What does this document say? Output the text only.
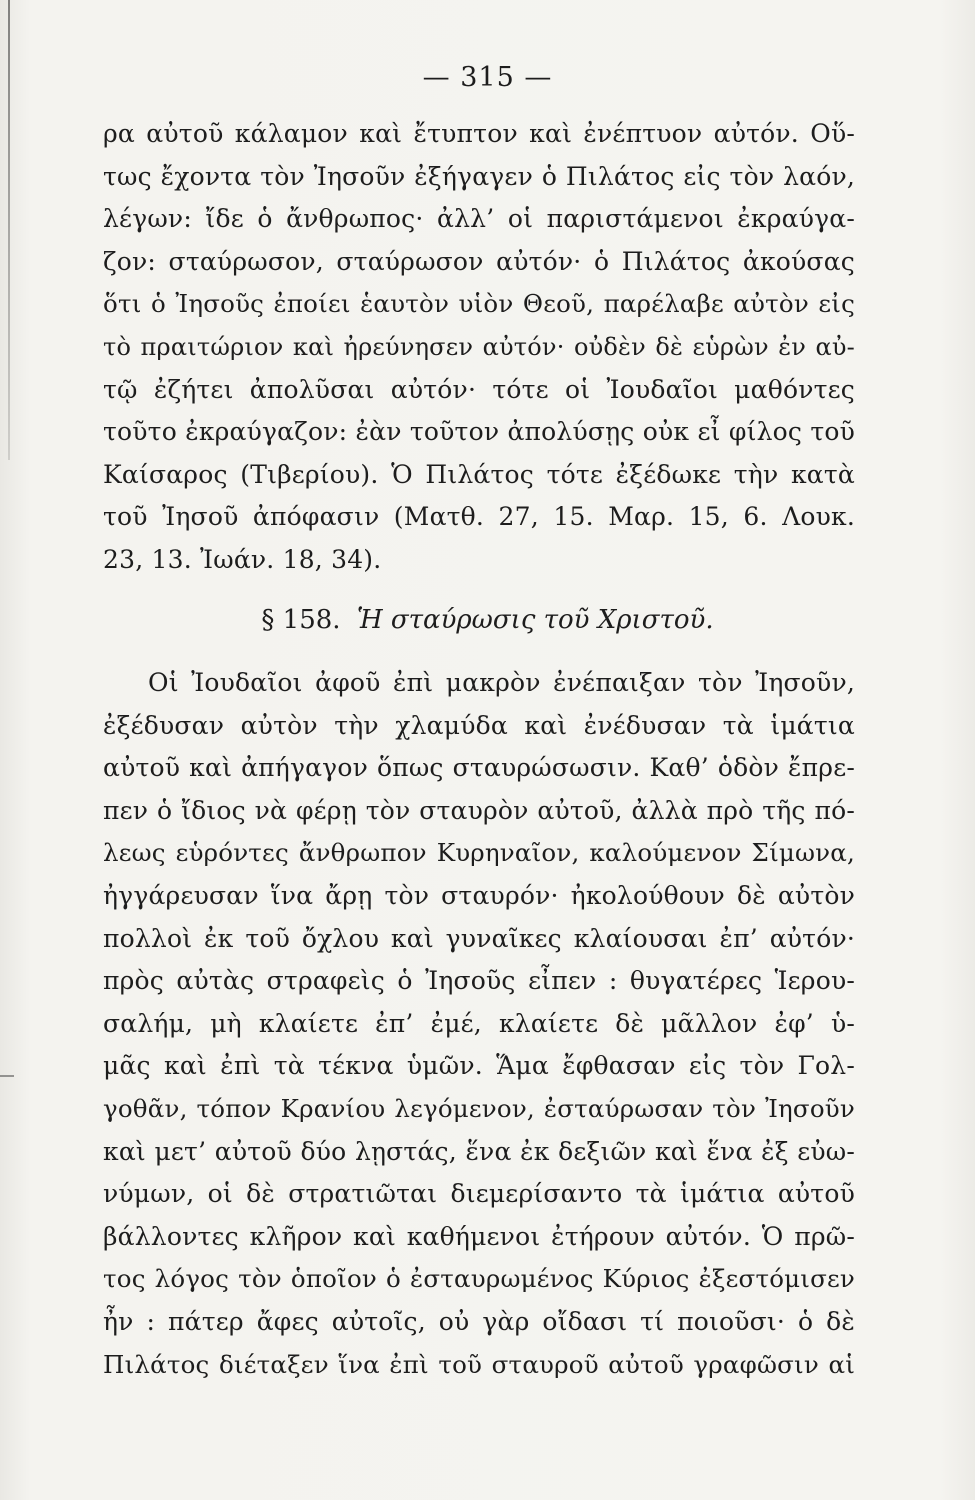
— 315 —
ρα αὐτοῦ κάλαμον καὶ ἔτυπτον καὶ ἐνέπτυον αὐτόν. Οὕ-
τως ἔχοντα τὸν Ἰησοῦν ἐξήγαγεν ὁ Πιλάτος εἰς τὸν λαόν,
λέγων: ἴδε ὁ ἄνθρωπος· ἀλλ’ οἱ παριστάμενοι ἐκραύγα-
ζον: σταύρωσον, σταύρωσον αὐτόν· ὁ Πιλάτος ἀκούσας
ὅτι ὁ Ἰησοῦς ἐποίει ἑαυτὸν υἱὸν Θεοῦ, παρέλαβε αὐτὸν εἰς
τὸ πραιτώριον καὶ ἠρεύνησεν αὐτόν· οὐδὲν δὲ εὑρὼν ἐν αὐ-
τῷ ἐζήτει ἀπολῦσαι αὐτόν· τότε οἱ Ἰουδαῖοι μαθόντες
τοῦτο ἐκραύγαζον: ἐὰν τοῦτον ἀπολύσῃς οὐκ εἶ φίλος τοῦ
Καίσαρος (Τιβερίου). Ὁ Πιλάτος τότε ἐξέδωκε τὴν κατὰ
τοῦ Ἰησοῦ ἀπόφασιν (Ματθ. 27, 15. Μαρ. 15, 6. Λουκ.
23, 13. Ἰωάν. 18, 34).
§ 158. Ἡ σταύρωσις τοῦ Χριστοῦ.
Οἱ Ἰουδαῖοι ἀφοῦ ἐπὶ μακρὸν ἐνέπαιξαν τὸν Ἰησοῦν,
ἐξέδυσαν αὐτὸν τὴν χλαμύδα καὶ ἐνέδυσαν τὰ ἱμάτια
αὐτοῦ καὶ ἀπήγαγον ὅπως σταυρώσωσιν. Καθ’ ὁδὸν ἔπρε-
πεν ὁ ἴδιος νὰ φέρῃ τὸν σταυρὸν αὐτοῦ, ἀλλὰ πρὸ τῆς πό-
λεως εὑρόντες ἄνθρωπον Κυρηναῖον, καλούμενον Σίμωνα,
ἠγγάρευσαν ἵνα ἄρῃ τὸν σταυρόν· ἠκολούθουν δὲ αὐτὸν
πολλοὶ ἐκ τοῦ ὄχλου καὶ γυναῖκες κλαίουσαι ἐπ’ αὐτόν·
πρὸς αὐτὰς στραφεὶς ὁ Ἰησοῦς εἶπεν : θυγατέρες Ἱερου-
σαλήμ, μὴ κλαίετε ἐπ’ ἐμέ, κλαίετε δὲ μᾶλλον ἐφ’ ὑ-
μᾶς καὶ ἐπὶ τὰ τέκνα ὑμῶν. Ἅμα ἔφθασαν εἰς τὸν Γολ-
γοθᾶν, τόπον Κρανίου λεγόμενον, ἐσταύρωσαν τὸν Ἰησοῦν
καὶ μετ’ αὐτοῦ δύο λῃστάς, ἕνα ἐκ δεξιῶν καὶ ἕνα ἐξ εὐω-
νύμων, οἱ δὲ στρατιῶται διεμερίσαντο τὰ ἱμάτια αὐτοῦ
βάλλοντες κλῆρον καὶ καθήμενοι ἐτήρουν αὐτόν. Ὁ πρῶ-
τος λόγος τὸν ὁποῖον ὁ ἐσταυρωμένος Κύριος ἐξεστόμισεν
ἦν : πάτερ ἄφες αὐτοῖς, οὐ γὰρ οἴδασι τί ποιοῦσι· ὁ δὲ
Πιλάτος διέταξεν ἵνα ἐπὶ τοῦ σταυροῦ αὐτοῦ γραφῶσιν αἱ
